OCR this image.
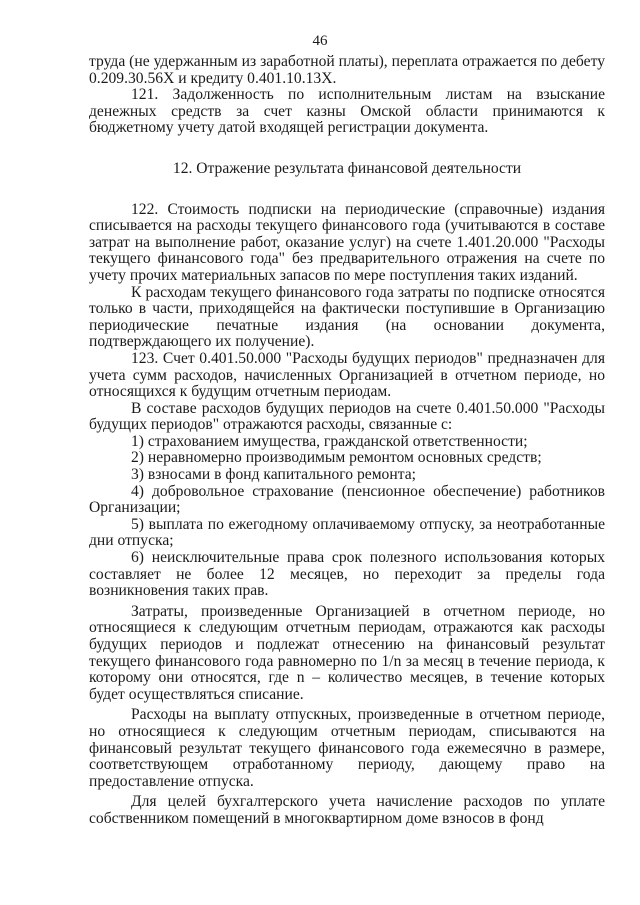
46

труда (не удержанным из заработной платы), переплата отражается по дебету 0.209.30.56Х и кредиту 0.401.10.13Х.

121. Задолженность по исполнительным листам на взыскание денежных средств за счет казны Омской области принимаются к бюджетному учету датой входящей регистрации документа.

12. Отражение результата финансовой деятельности

122. Стоимость подписки на периодические (справочные) издания списывается на расходы текущего финансового года (учитываются в составе затрат на выполнение работ, оказание услуг) на счете 1.401.20.000 "Расходы текущего финансового года" без предварительного отражения на счете по учету прочих материальных запасов по мере поступления таких изданий.

К расходам текущего финансового года затраты по подписке относятся только в части, приходящейся на фактически поступившие в Организацию периодические печатные издания (на основании документа, подтверждающего их получение).

123. Счет 0.401.50.000 "Расходы будущих периодов" предназначен для учета сумм расходов, начисленных Организацией в отчетном периоде, но относящихся к будущим отчетным периодам.

В составе расходов будущих периодов на счете 0.401.50.000 "Расходы будущих периодов" отражаются расходы, связанные с:

1) страхованием имущества, гражданской ответственности;

2) неравномерно производимым ремонтом основных средств;

3) взносами в фонд капитального ремонта;

4) добровольное страхование (пенсионное обеспечение) работников Организации;

5) выплата по ежегодному оплачиваемому отпуску, за неотработанные дни отпуска;

6) неисключительные права срок полезного использования которых составляет не более 12 месяцев, но переходит за пределы года возникновения таких прав.

Затраты, произведенные Организацией в отчетном периоде, но относящиеся к следующим отчетным периодам, отражаются как расходы будущих периодов и подлежат отнесению на финансовый результат текущего финансового года равномерно по 1/n за месяц в течение периода, к которому они относятся, где n – количество месяцев, в течение которых будет осуществляться списание.

Расходы на выплату отпускных, произведенные в отчетном периоде, но относящиеся к следующим отчетным периодам, списываются на финансовый результат текущего финансового года ежемесячно в размере, соответствующем отработанному периоду, дающему право на предоставление отпуска.

Для целей бухгалтерского учета начисление расходов по уплате собственником помещений в многоквартирном доме взносов в фонд
